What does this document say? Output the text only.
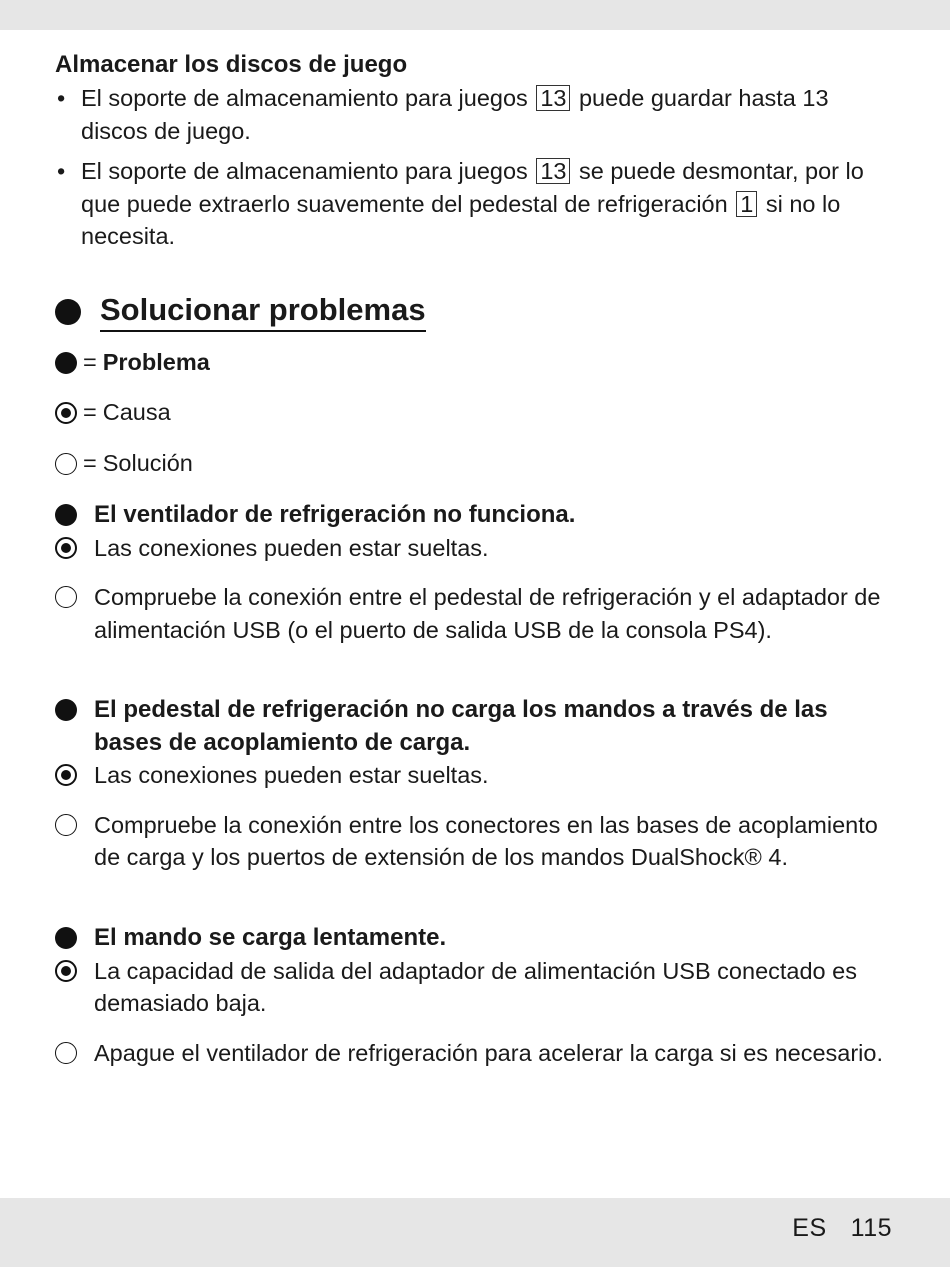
Almacenar los discos de juego
• El soporte de almacenamiento para juegos 13 puede guardar hasta 13 discos de juego.
• El soporte de almacenamiento para juegos 13 se puede desmontar, por lo que puede extraerlo suavemente del pedestal de refrigeración 1 si no lo necesita.
Solucionar problemas
= Problema
= Causa
= Solución
El ventilador de refrigeración no funciona.
Las conexiones pueden estar sueltas.
Compruebe la conexión entre el pedestal de refrigeración y el adaptador de alimentación USB (o el puerto de salida USB de la consola PS4).
El pedestal de refrigeración no carga los mandos a través de las bases de acoplamiento de carga.
Las conexiones pueden estar sueltas.
Compruebe la conexión entre los conectores en las bases de acoplamiento de carga y los puertos de extensión de los mandos DualShock® 4.
El mando se carga lentamente.
La capacidad de salida del adaptador de alimentación USB conectado es demasiado baja.
Apague el ventilador de refrigeración para acelerar la carga si es necesario.
ES 115
